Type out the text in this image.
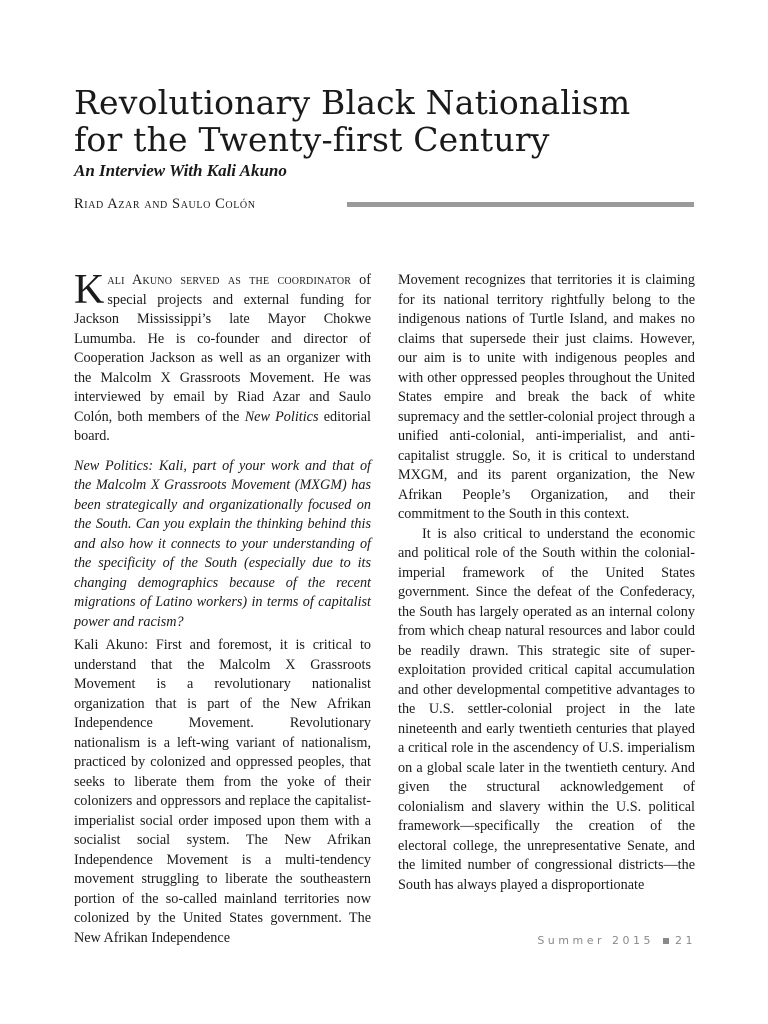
Revolutionary Black Nationalism
for the Twenty-first Century
An Interview With Kali Akuno
Riad Azar and Saulo Colón

Kali Akuno served as the coordinator of special projects and external funding for Jackson Mississippi’s late Mayor Chokwe Lumumba. He is co-founder and director of Cooperation Jackson as well as an organizer with the Malcolm X Grassroots Movement. He was interviewed by email by Riad Azar and Saulo Colón, both members of the New Politics editorial board.

New Politics: Kali, part of your work and that of the Malcolm X Grassroots Movement (MXGM) has been strategically and organizationally focused on the South. Can you explain the thinking behind this and also how it connects to your understanding of the specificity of the South (especially due to its changing demographics because of the recent migrations of Latino workers) in terms of capitalist power and racism?

Kali Akuno: First and foremost, it is critical to understand that the Malcolm X Grassroots Movement is a revolutionary nationalist organization that is part of the New Afrikan Independence Movement. Revolutionary nationalism is a left-wing variant of nationalism, practiced by colonized and oppressed peoples, that seeks to liberate them from the yoke of their colonizers and oppressors and replace the capitalist-imperialist social order imposed upon them with a socialist social system. The New Afrikan Independence Movement is a multi-tendency movement struggling to liberate the southeastern portion of the so-called mainland territories now colonized by the United States government. The New Afrikan Independence

Movement recognizes that territories it is claiming for its national territory rightfully belong to the indigenous nations of Turtle Island, and makes no claims that supersede their just claims. However, our aim is to unite with indigenous peoples and with other oppressed peoples throughout the United States empire and break the back of white supremacy and the settler-colonial project through a unified anti-colonial, anti-imperialist, and anti-capitalist struggle. So, it is critical to understand MXGM, and its parent organization, the New Afrikan People’s Organization, and their commitment to the South in this context.

It is also critical to understand the economic and political role of the South within the colonial-imperial framework of the United States government. Since the defeat of the Confederacy, the South has largely operated as an internal colony from which cheap natural resources and labor could be readily drawn. This strategic site of super-exploitation provided critical capital accumulation and other developmental competitive advantages to the U.S. settler-colonial project in the late nineteenth and early twentieth centuries that played a critical role in the ascendency of U.S. imperialism on a global scale later in the twentieth century. And given the structural acknowledgement of colonialism and slavery within the U.S. political framework—specifically the creation of the electoral college, the unrepresentative Senate, and the limited number of congressional districts—the South has always played a disproportionate

Summer 2015 21
